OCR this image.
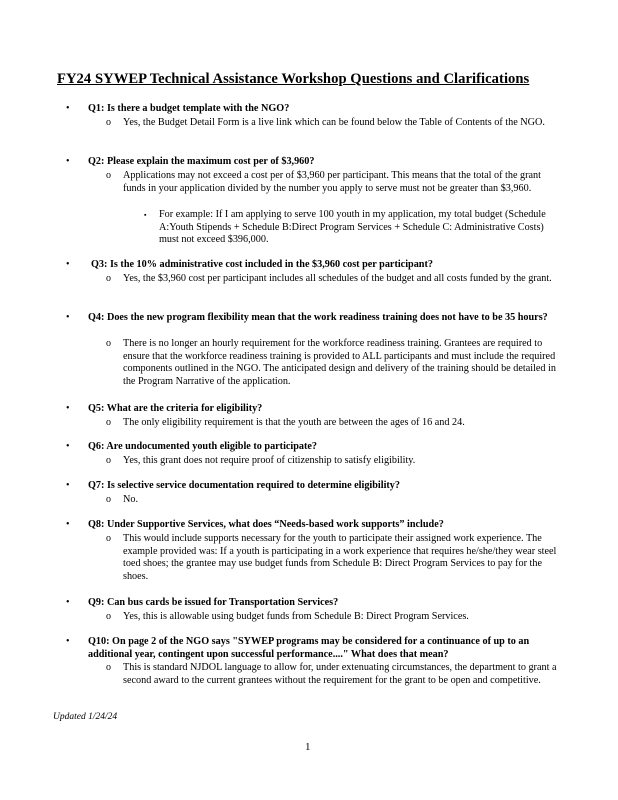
FY24 SYWEP Technical Assistance Workshop Questions and Clarifications
• Q1: Is there a budget template with the NGO?
o Yes, the Budget Detail Form is a live link which can be found below the Table of Contents of the NGO.
• Q2: Please explain the maximum cost per of $3,960?
o Applications may not exceed a cost per of $3,960 per participant. This means that the total of the grant funds in your application divided by the number you apply to serve must not be greater than $3,960.
▪ For example: If I am applying to serve 100 youth in my application, my total budget (Schedule A:Youth Stipends + Schedule B:Direct Program Services + Schedule C: Administrative Costs) must not exceed $396,000.
• Q3: Is the 10% administrative cost included in the $3,960 cost per participant?
o Yes, the $3,960 cost per participant includes all schedules of the budget and all costs funded by the grant.
• Q4: Does the new program flexibility mean that the work readiness training does not have to be 35 hours?
o There is no longer an hourly requirement for the workforce readiness training. Grantees are required to ensure that the workforce readiness training is provided to ALL participants and must include the required components outlined in the NGO. The anticipated design and delivery of the training should be detailed in the Program Narrative of the application.
• Q5: What are the criteria for eligibility?
o The only eligibility requirement is that the youth are between the ages of 16 and 24.
• Q6: Are undocumented youth eligible to participate?
o Yes, this grant does not require proof of citizenship to satisfy eligibility.
• Q7: Is selective service documentation required to determine eligibility?
o No.
• Q8: Under Supportive Services, what does “Needs-based work supports” include?
o This would include supports necessary for the youth to participate their assigned work experience. The example provided was: If a youth is participating in a work experience that requires he/she/they wear steel toed shoes; the grantee may use budget funds from Schedule B: Direct Program Services to pay for the shoes.
• Q9: Can bus cards be issued for Transportation Services?
o Yes, this is allowable using budget funds from Schedule B: Direct Program Services.
• Q10: On page 2 of the NGO says "SYWEP programs may be considered for a continuance of up to an additional year, contingent upon successful performance...." What does that mean?
o This is standard NJDOL language to allow for, under extenuating circumstances, the department to grant a second award to the current grantees without the requirement for the grant to be open and competitive.
Updated 1/24/24
1
